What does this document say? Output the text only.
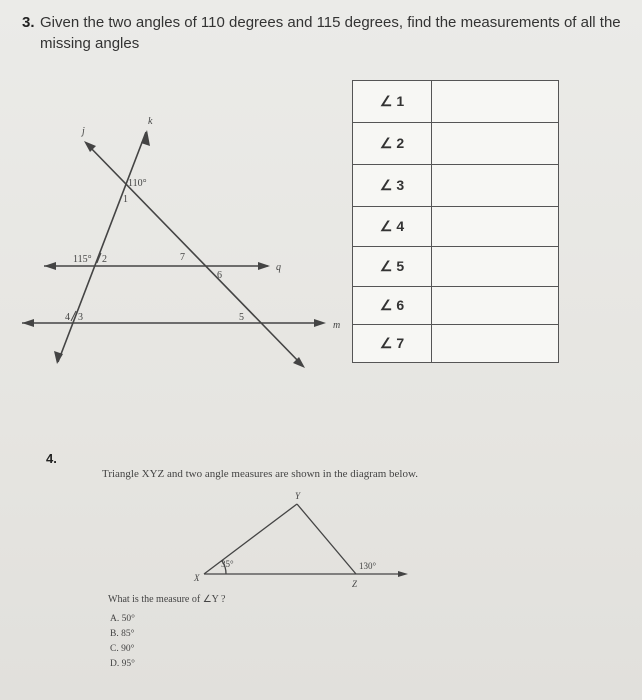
3. Given the two angles of 110 degrees and 115 degrees, find the measurements of all the missing angles
j
k
q
m
110°
1
115° 2
4 3
7
6
5
X
Y
Z
35°	130°
∠ 1	
∠ 2	
∠ 3	
∠ 4	
∠ 5	
∠ 6	
∠ 7	
4.
Triangle XYZ and two angle measures are shown in the diagram below.
What is the measure of ∠Y ?
A. 50°
B. 85°
C. 90°
D. 95°
